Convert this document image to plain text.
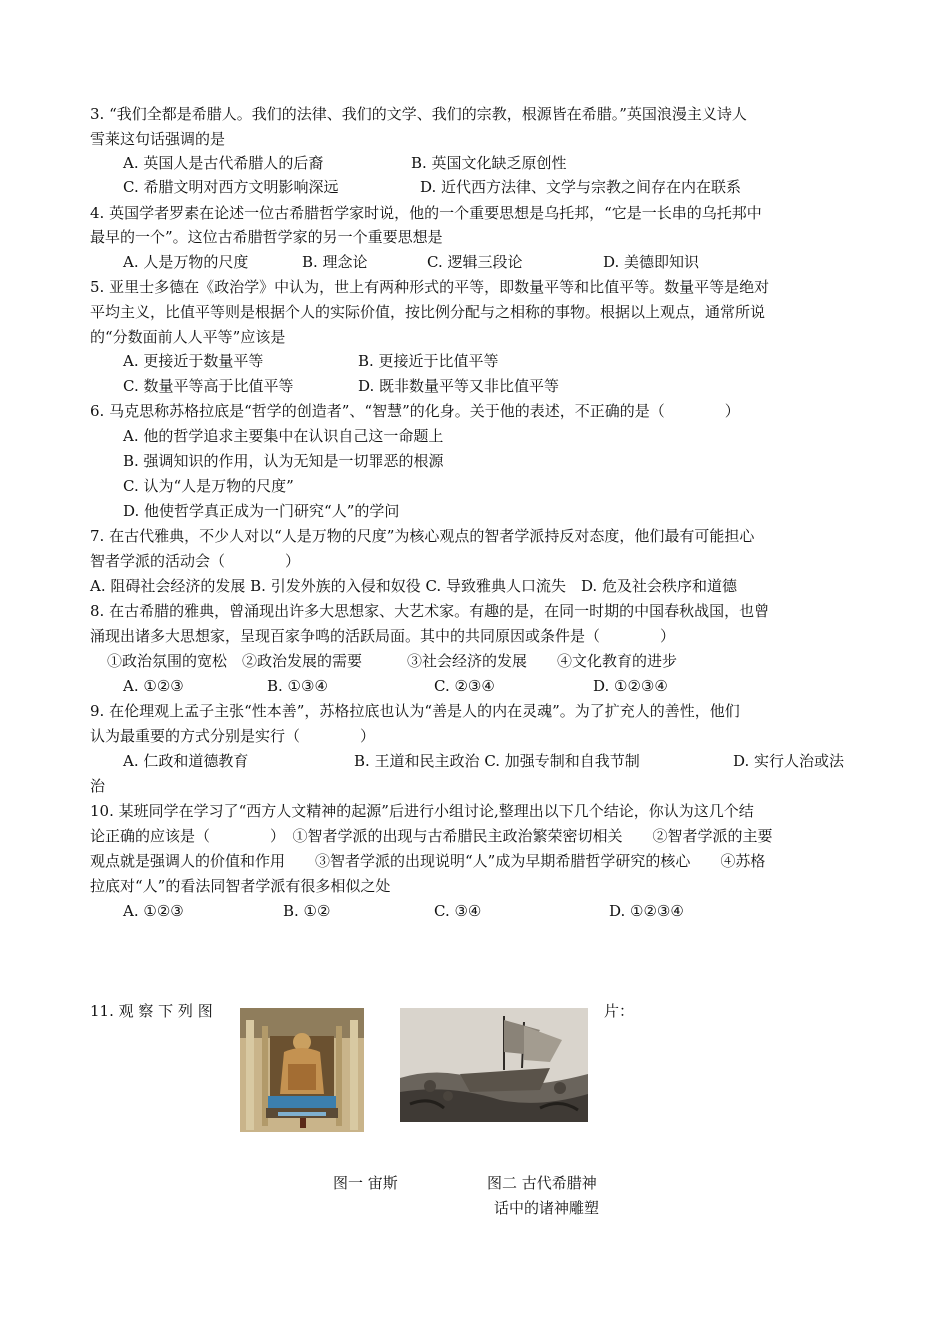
3. “我们全都是希腊人。我们的法律、我们的文学、我们的宗教，根源皆在希腊。”英国浪漫主义诗人
雪莱这句话强调的是
A. 英国人是古代希腊人的后裔	B. 英国文化缺乏原创性
C. 希腊文明对西方文明影响深远	D. 近代西方法律、文学与宗教之间存在内在联系
4. 英国学者罗素在论述一位古希腊哲学家时说，他的一个重要思想是乌托邦，“它是一长串的乌托邦中
最早的一个”。这位古希腊哲学家的另一个重要思想是
A. 人是万物的尺度	B. 理念论	C. 逻辑三段论	D. 美德即知识
5. 亚里士多德在《政治学》中认为，世上有两种形式的平等，即数量平等和比值平等。数量平等是绝对
平均主义，比值平等则是根据个人的实际价值，按比例分配与之相称的事物。根据以上观点，通常所说
的“分数面前人人平等”应该是
A. 更接近于数量平等	B. 更接近于比值平等
C. 数量平等高于比值平等	D. 既非数量平等又非比值平等
6. 马克思称苏格拉底是“哲学的创造者”、“智慧”的化身。关于他的表述，不正确的是（　　　　）
A. 他的哲学追求主要集中在认识自己这一命题上
B. 强调知识的作用，认为无知是一切罪恶的根源
C. 认为“人是万物的尺度”
D. 他使哲学真正成为一门研究“人”的学问
7. 在古代雅典，不少人对以“人是万物的尺度”为核心观点的智者学派持反对态度，他们最有可能担心
智者学派的活动会（　　　　）
A. 阻碍社会经济的发展 B. 引发外族的入侵和奴役 C. 导致雅典人口流失　D. 危及社会秩序和道德
8. 在古希腊的雅典，曾涌现出许多大思想家、大艺术家。有趣的是，在同一时期的中国春秋战国，也曾
涌现出诸多大思想家，呈现百家争鸣的活跃局面。其中的共同原因或条件是（　　　　）
①政治氛围的宽松　②政治发展的需要　　　③社会经济的发展　　④文化教育的进步
A. ①②③	B. ①③④	C. ②③④	D. ①②③④
9. 在伦理观上孟子主张“性本善”，苏格拉底也认为“善是人的内在灵魂”。为了扩充人的善性，他们
认为最重要的方式分别是实行（　　　　）
A. 仁政和道德教育	B. 王道和民主政治 C. 加强专制和自我节制	D. 实行人治或法
治
10. 某班同学在学习了“西方人文精神的起源”后进行小组讨论,整理出以下几个结论，你认为这几个结
论正确的应该是（　　　　）　①智者学派的出现与古希腊民主政治繁荣密切相关　　②智者学派的主要
观点就是强调人的价值和作用　　③智者学派的出现说明“人”成为早期希腊哲学研究的核心　　④苏格
拉底对“人”的看法同智者学派有很多相似之处
A. ①②③	B. ①②	C. ③④	D. ①②③④
11. 观 察 下 列 图	片：
图一 宙斯	图二 古代希腊神
话中的诸神雕塑
